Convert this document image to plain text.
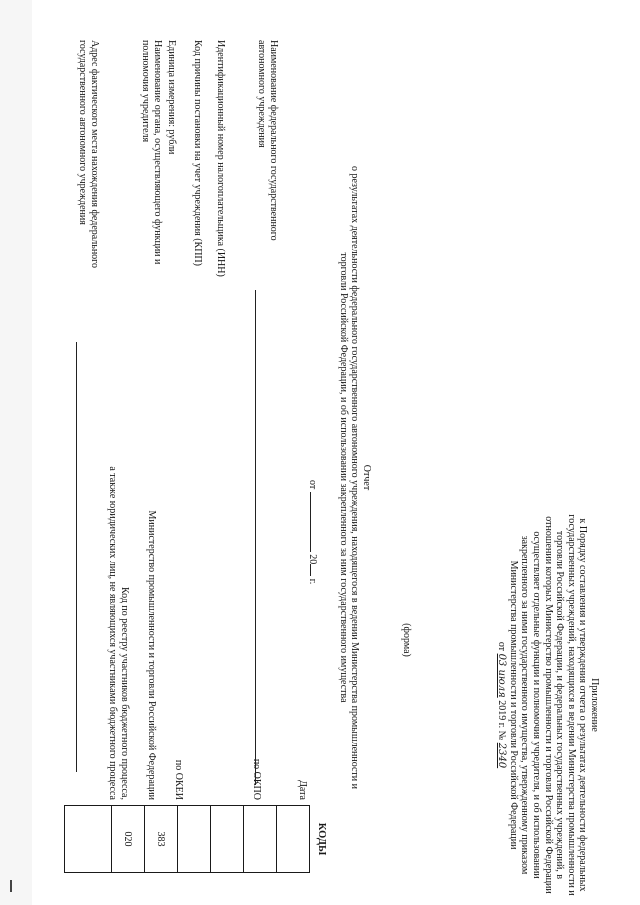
Приложение
к Порядку составления и утверждения отчета о результатах деятельности федеральных государственных учреждений, находящихся в ведении Министерства промышленности и торговли Российской Федерации, и федеральных государственных учреждений, в отношении которых Министерство промышленности и торговли Российской Федерации осуществляет отдельные функции и полномочия учредителя, и об использовании закрепленного за ними государственного имущества, утвержденному приказом Министерства промышленности и торговли Российской Федерации
от 03 июля 2019 г. № 2340
(форма)
Отчет
о результатах деятельности федерального государственного автономного учреждения, находящегося в ведении Министерства промышленности и торговли Российской Федерации, и об использовании закрепленного за ним государственного имущества
от  20 г.
КОДЫ
383
020
Дата
по ОКПО
по ОКЕИ
Наименование федерального государственного автономного учреждения
Идентификационный номер налогоплательщика (ИНН)
Код причины постановки на учет учреждения (КПП)
Единица измерения: рубли
Наименование органа, осуществляющего функции и полномочия учредителя
Министерство промышленности и торговли Российской Федерации
Код по реестру участников бюджетного процесса,
а также юридических лиц, не являющихся участниками бюджетного процесса
Адрес фактического места нахождения федерального государственного автономного учреждения
